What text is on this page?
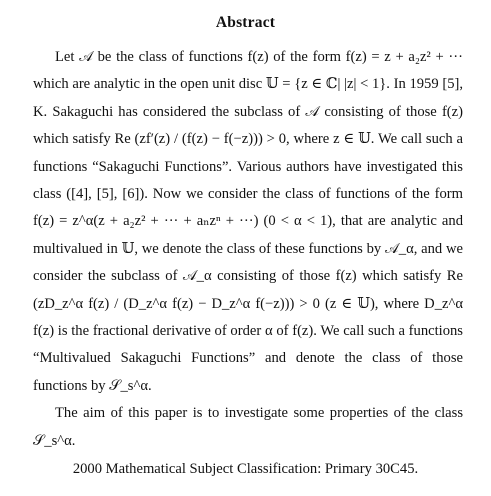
Abstract

Let 𝒜 be the class of functions f(z) of the form f(z) = z + a₂z² + ··· which are analytic in the open unit disc 𝕌 = {z ∈ ℂ| |z| < 1}. In 1959 [5], K. Sakaguchi has considered the subclass of 𝒜 consisting of those f(z) which satisfy Re (zf′(z) / (f(z) − f(−z))) > 0, where z ∈ 𝕌. We call such a functions “Sakaguchi Functions”. Various authors have investigated this class ([4], [5], [6]). Now we consider the class of functions of the form f(z) = z^α(z + a₂z² + ··· + aₙzⁿ + ···) (0 < α < 1), that are analytic and multivalued in 𝕌, we denote the class of these functions by 𝒜_α, and we consider the subclass of 𝒜_α consisting of those f(z) which satisfy Re (zD_z^α f(z) / (D_z^α f(z) − D_z^α f(−z))) > 0 (z ∈ 𝕌), where D_z^α f(z) is the fractional derivative of order α of f(z). We call such a functions “Multivalued Sakaguchi Functions” and denote the class of those functions by 𝒮_s^α.

The aim of this paper is to investigate some properties of the class 𝒮_s^α.

2000 Mathematical Subject Classification: Primary 30C45.
